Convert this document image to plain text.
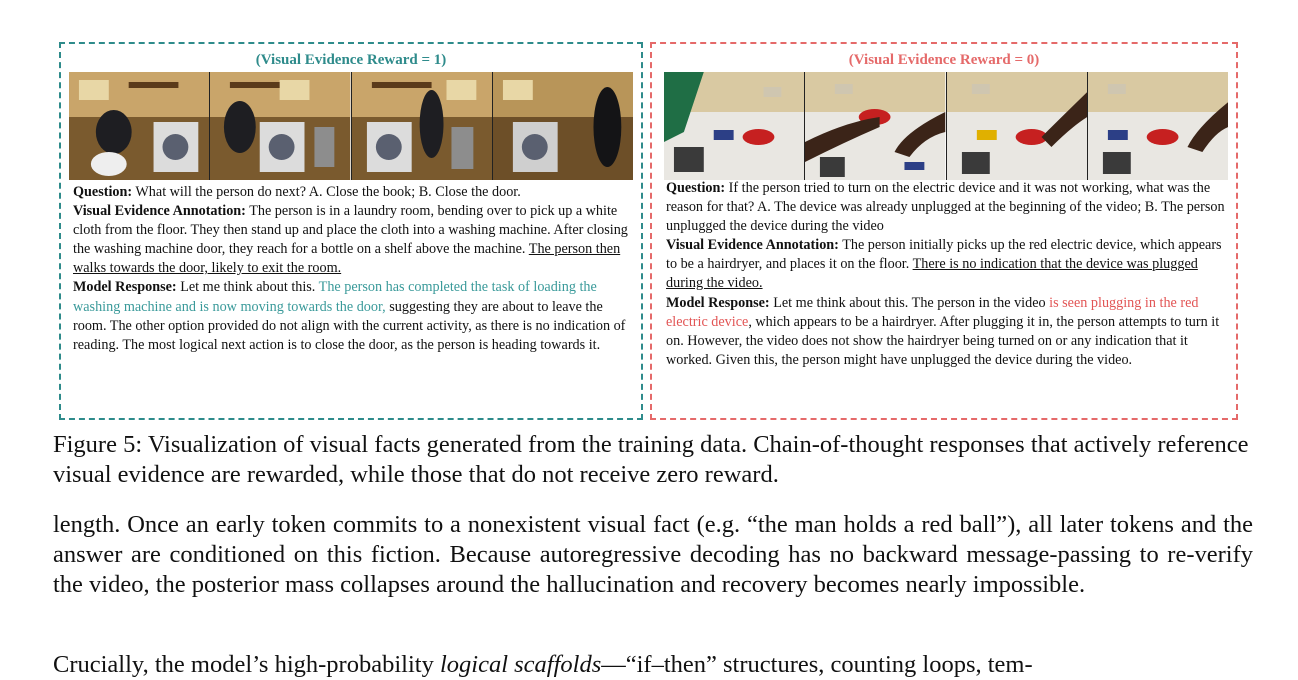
(Visual Evidence Reward = 1)
Question: What will the person do next? A. Close the book; B. Close the door.
Visual Evidence Annotation: The person is in a laundry room, bending over to pick up a white cloth from the floor. They then stand up and place the cloth into a washing machine. After closing the washing machine door, they reach for a bottle on a shelf above the machine. The person then walks towards the door, likely to exit the room.
Model Response: Let me think about this. The person has completed the task of loading the washing machine and is now moving towards the door, suggesting they are about to leave the room. The other option provided do not align with the current activity, as there is no indication of reading. The most logical next action is to close the door, as the person is heading towards it.
(Visual Evidence Reward = 0)
Question: If the person tried to turn on the electric device and it was not working, what was the reason for that? A. The device was already unplugged at the beginning of the video; B. The person unplugged the device during the video
Visual Evidence Annotation: The person initially picks up the red electric device, which appears to be a hairdryer, and places it on the floor. There is no indication that the device was plugged during the video.
Model Response: Let me think about this. The person in the video is seen plugging in the red electric device, which appears to be a hairdryer. After plugging it in, the person attempts to turn it on. However, the video does not show the hairdryer being turned on or any indication that it worked. Given this, the person might have unplugged the device during the video.
Figure 5: Visualization of visual facts generated from the training data. Chain-of-thought responses that actively reference visual evidence are rewarded, while those that do not receive zero reward.
length. Once an early token commits to a nonexistent visual fact (e.g. “the man holds a red ball”), all later tokens and the answer are conditioned on this fiction. Because autoregressive decoding has no backward message-passing to re-verify the video, the posterior mass collapses around the hallucination and recovery becomes nearly impossible.
Crucially, the model’s high-probability logical scaffolds—“if–then” structures, counting loops, tem-
